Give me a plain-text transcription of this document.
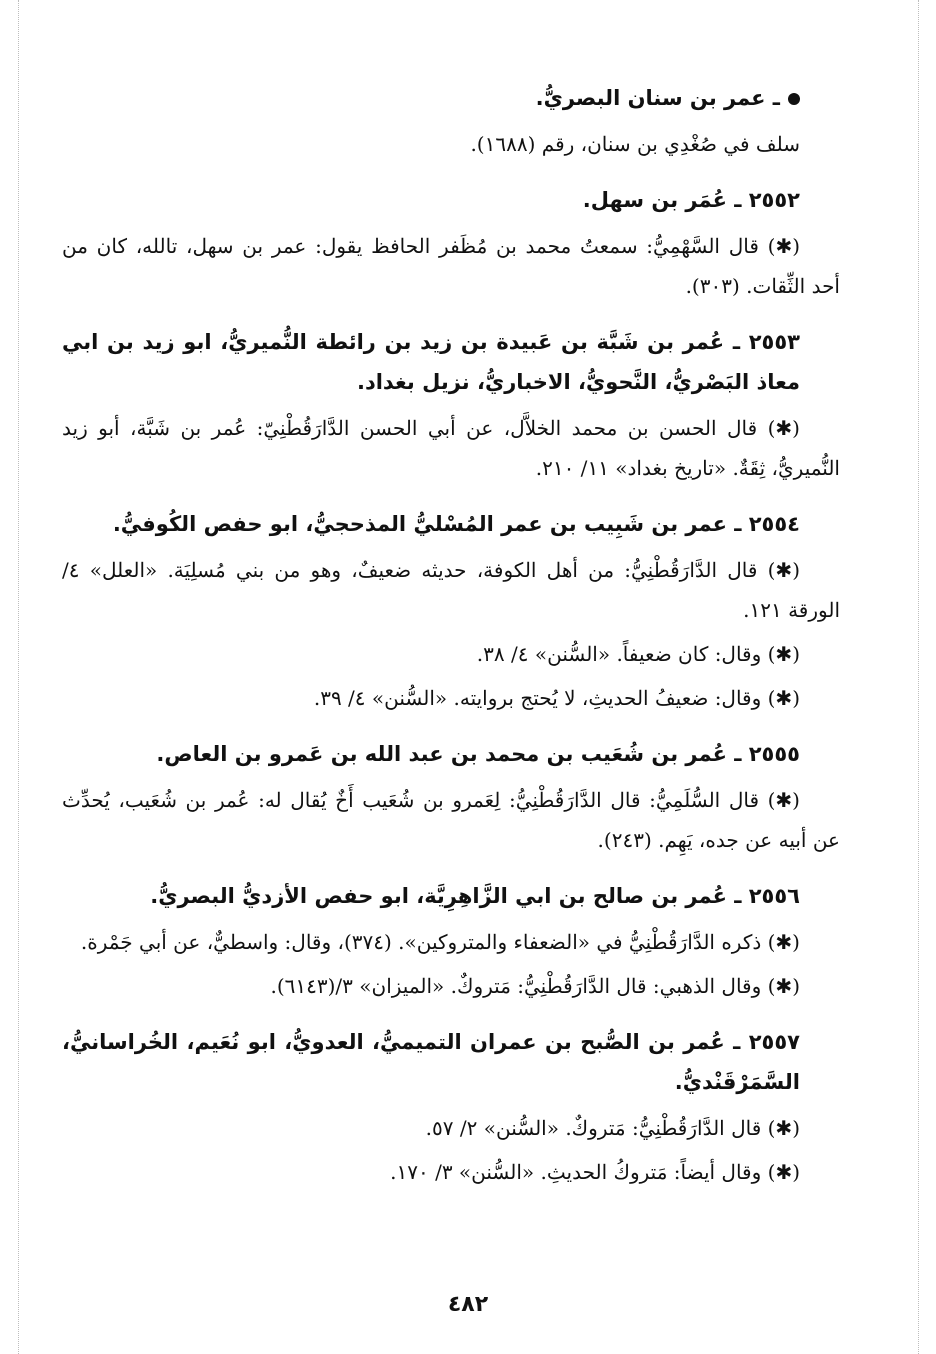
ـ عمر بن سنان البصريُّ.

سلف في صُغْدِي بن سنان، رقم (١٦٨٨).

٢٥٥٢ ـ عُمَر بن سهل.

(✱) قال السَّهْمِيُّ: سمعتُ محمد بن مُظَفر الحافظ يقول: عمر بن سهل، تالله، كان من أحد الثِّقات. (٣٠٣).

٢٥٥٣ ـ عُمر بن شَبَّة بن عَبيدة بن زيد بن رائطة النُّميريُّ، ابو زيد بن ابي معاذ البَصْريُّ، النَّحويُّ، الاخباريُّ، نزيل بغداد.

(✱) قال الحسن بن محمد الخلاَّل، عن أبي الحسن الدَّارَقُطْنِيّ: عُمر بن شَبَّة، أبو زيد النُّميريُّ، ثِقَةٌ. «تاريخ بغداد» ١١/ ٢١٠.

٢٥٥٤ ـ عمر بن شَبِيب بن عمر المُسْليُّ المذحجيُّ، ابو حفص الكُوفيُّ.

(✱) قال الدَّارَقُطْنِيُّ: من أهل الكوفة، حديثه ضعيفٌ، وهو من بني مُسلِيَة. «العلل» ٤/الورقة ١٢١.

(✱) وقال: كان ضعيفاً. «السُّنن» ٤/ ٣٨.

(✱) وقال: ضعيفُ الحديثِ، لا يُحتج بروايته. «السُّنن» ٤/ ٣٩.

٢٥٥٥ ـ عُمر بن شُعَيب بن محمد بن عبد الله بن عَمرو بن العاص.

(✱) قال السُّلَمِيُّ: قال الدَّارَقُطْنِيُّ: لِعَمرو بن شُعَيب أَخٌ يُقال له: عُمر بن شُعَيب، يُحدِّث عن أبيه عن جده، يَهِم. (٢٤٣).

٢٥٥٦ ـ عُمر بن صالح بن ابي الزَّاهِرِيَّة، ابو حفص الأزديُّ البصريُّ.

(✱) ذكره الدَّارَقُطْنِيُّ في «الضعفاء والمتروكين». (٣٧٤)، وقال: واسطيٌّ، عن أبي جَمْرة.

(✱) وقال الذهبي: قال الدَّارَقُطْنِيُّ: مَتروكٌ. «الميزان» ٣/(٦١٤٣).

٢٥٥٧ ـ عُمر بن الصُّبح بن عمران التميميُّ، العدويُّ، ابو نُعَيم، الخُراسانيُّ، السَّمَرْقَنْديُّ.

(✱) قال الدَّارَقُطْنِيُّ: مَتروكٌ. «السُّنن» ٢/ ٥٧.

(✱) وقال أيضاً: مَتروكُ الحديثِ. «السُّنن» ٣/ ١٧٠.

٤٨٢
